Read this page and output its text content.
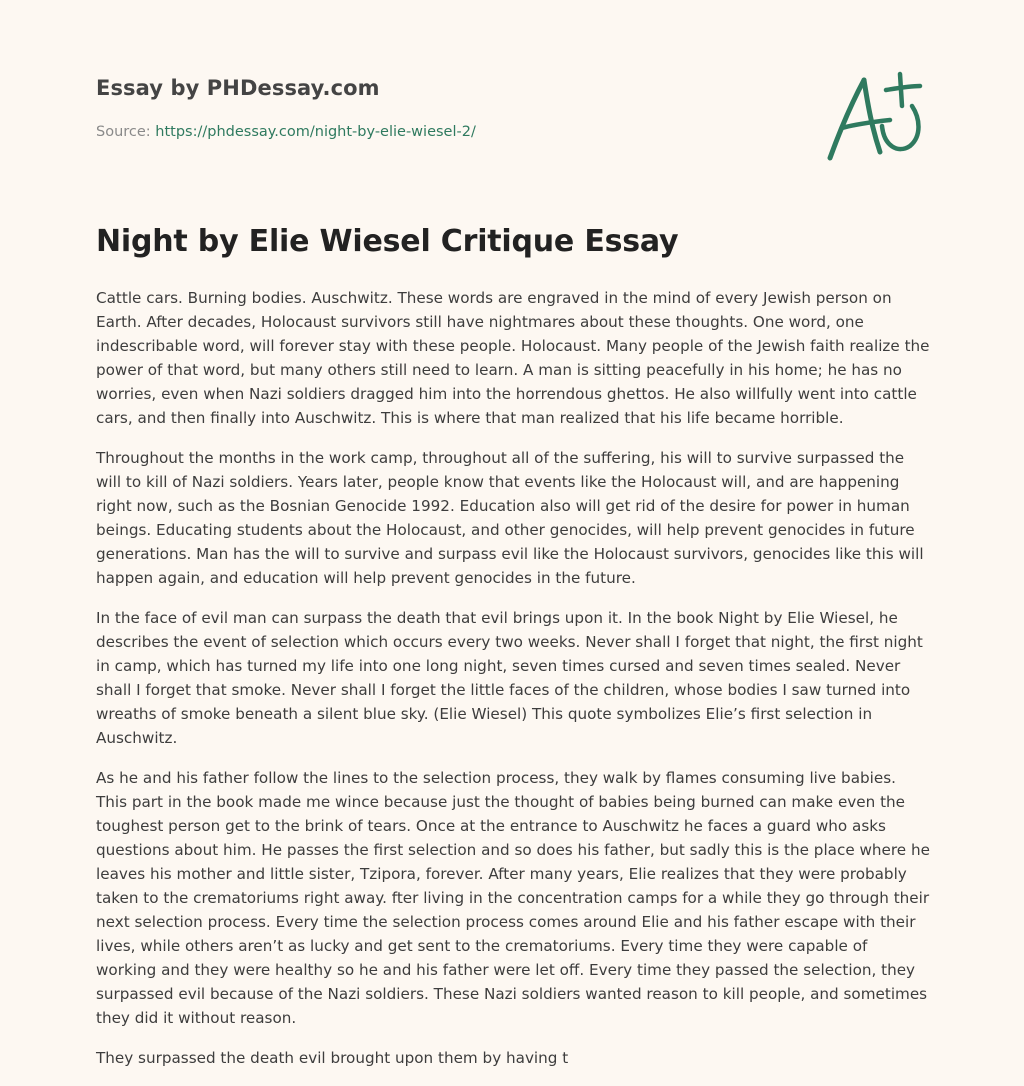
Essay by PHDessay.com
Source: https://phdessay.com/night-by-elie-wiesel-2/
Night by Elie Wiesel Critique Essay

Cattle cars. Burning bodies. Auschwitz. These words are engraved in the mind of every Jewish person on Earth. After decades, Holocaust survivors still have nightmares about these thoughts. One word, one indescribable word, will forever stay with these people. Holocaust. Many people of the Jewish faith realize the power of that word, but many others still need to learn. A man is sitting peacefully in his home; he has no worries, even when Nazi soldiers dragged him into the horrendous ghettos. He also willfully went into cattle cars, and then finally into Auschwitz. This is where that man realized that his life became horrible.

Throughout the months in the work camp, throughout all of the suffering, his will to survive surpassed the will to kill of Nazi soldiers. Years later, people know that events like the Holocaust will, and are happening right now, such as the Bosnian Genocide 1992. Education also will get rid of the desire for power in human beings. Educating students about the Holocaust, and other genocides, will help prevent genocides in future generations. Man has the will to survive and surpass evil like the Holocaust survivors, genocides like this will happen again, and education will help prevent genocides in the future.

In the face of evil man can surpass the death that evil brings upon it. In the book Night by Elie Wiesel, he describes the event of selection which occurs every two weeks. Never shall I forget that night, the first night in camp, which has turned my life into one long night, seven times cursed and seven times sealed. Never shall I forget that smoke. Never shall I forget the little faces of the children, whose bodies I saw turned into wreaths of smoke beneath a silent blue sky. (Elie Wiesel) This quote symbolizes Elie’s first selection in Auschwitz.

As he and his father follow the lines to the selection process, they walk by flames consuming live babies. This part in the book made me wince because just the thought of babies being burned can make even the toughest person get to the brink of tears. Once at the entrance to Auschwitz he faces a guard who asks questions about him. He passes the first selection and so does his father, but sadly this is the place where he leaves his mother and little sister, Tzipora, forever. After many years, Elie realizes that they were probably taken to the crematoriums right away. fter living in the concentration camps for a while they go through their next selection process. Every time the selection process comes around Elie and his father escape with their lives, while others aren’t as lucky and get sent to the crematoriums. Every time they were capable of working and they were healthy so he and his father were let off. Every time they passed the selection, they surpassed evil because of the Nazi soldiers. These Nazi soldiers wanted reason to kill people, and sometimes they did it without reason.

They surpassed the death evil brought upon them by having t
